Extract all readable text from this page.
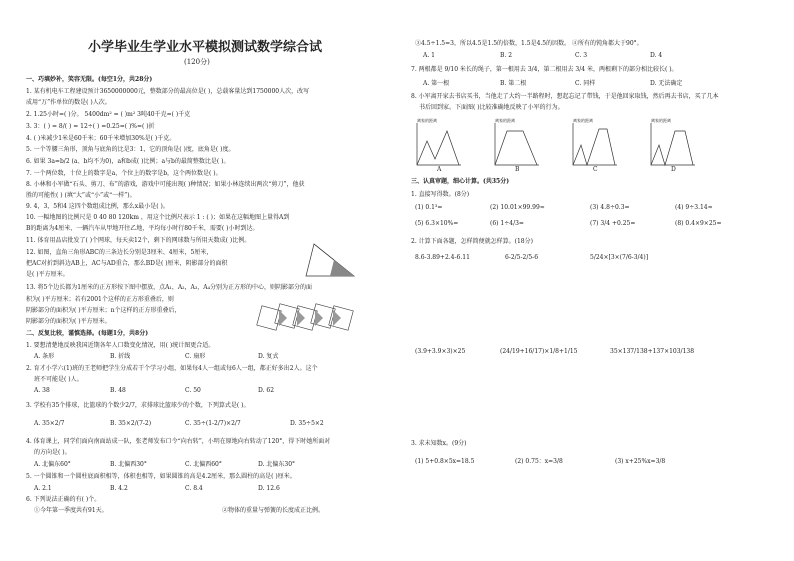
小学毕业生学业水平模拟测试数学综合试
(120分)
一、巧填妙补，笑容无限。(每空1分，共28分)
1. 某有机电车工程建设预计3650000000元，整数部分的最高位是( )，总载客量达到1750000人次，改写
成用“万”作单位的数是( )人次。
2. 1.25小时=( )分。 5400dm² = ( )m² 3吨40千克=( )千克
3. 3：( ) = 8/( ) = 12÷( ) =0.25=( )%=( )折
4. ( )米减少1米是60千米；60千米增加30%是( )千克。
5. 一个等腰三角形，顶角与底角的比是3：1，它的顶角是( )度，底角是( )度。
6. 如果 3a=b/2 (a、b均不为0)，a和b成( )比例；a与b的最简整数比是( )。
7. 一个两位数，十位上的数字是a，个位上的数字是b，这个两位数是( )。
8. 小林和小军做“石头、剪刀、布”的游戏，游戏中可能出现( )种情况；如果小林连续出两次“剪刀”，他获
胜的可能性( ) (填“大”或“小”或“一样”)。
9. 4，3，5和4 这四个数组成比例，那么x最小是( )。
10. 一幅地图的比例尺是 0 40 80 120km ，用这个比例尺表示 1 : ( )；如果在这幅地图上量得A到
B的距离为4厘米，一辆汽车从甲地开往乙地，平均每小时行80千米，需要( )小时到达。
11. 体育用品店批发了( )个网球，每天卖12个，剩下的网球数与所用天数成( )比例。
12. 如图，直角三角形ABC的三条边长分别是3厘米、4厘米，5厘米，
把AC对折到斜边AB上，AC与AD重合，那么BD是( )厘米，阴影部分的面积
是( )平方厘米。
13. 将5个边长都为1厘米的正方形按下图中摆放，点A₁，A₂，A₃，A₄分别为正方形的中心，则阴影部分的面
积为( )平方厘米；若有2001个这样的正方形重叠后，则
阴影部分的面积为( )平方厘米；n个这样的正方形重叠后，
阴影部分的面积为( )平方厘米。
二、反复比较，谨慎选择。(每题1分，共8分)
1. 要想清楚地反映我国近期各年人口数变化情况，用( )统计图更合适。
A. 条形	B. 折线	C. 扇形	D. 复式
2. 育才小学六(1)班的王老师把学生分成若干个学习小组，如果每4人一组或每6人一组，都正好多出2人。这个
班不可能是( )人。
A. 38	B. 48	C. 50	D. 62
3. 学校有35个排球，比篮球的个数少2/7，求排球比篮球少的个数，下列算式是( )。
A. 35×2/7	B. 35×2/(7-2)	C. 35÷(1-2/7)×2/7	D. 35÷5×2
4. 体育课上，同学们面向南面站成一队，张老师发布口令“向右转”，小明在原地向右转动了120°，得下时她所面对
的方向是( )。
A. 北偏东60°	B. 北偏西30°	C. 北偏西60°	D. 北偏东30°
5. 一个圆锥和一个圆柱底面积相等，体积也相等，如果圆锥的高是4.2厘米，那么圆柱的高是( )厘米。
A. 2.1	B. 4.2	C. 8.4	D. 12.6
6. 下列说法正确的有( )个。
①今年第一季度共有91天。	②物体的重量与弹簧的长度成正比例。
③4.5÷1.5=3，所以4.5是1.5的倍数，1.5是4.5的因数。 ④所有的钝角都大于90°。
A. 1	B. 2	C. 3	D. 4
7. 两根都是 9/10 米长的绳子，第一根用去 3/4，第二根用去 3/4 米，两根剩下的部分相比较长( )。
A. 第一根	B. 第二根	C. 同样	D. 无法确定
8. 小军离开家去书店买书，当他走了大约一半路程时，想起忘记了带钱，于是他回家取钱，然后再去书店，买了几本
书后回到家。下面图( )比较准确地反映了小军的行为。
离家的距离
A
离家的距离
B
离家的距离
C
离家的距离
D
三、认真审题，细心计算。(共35分)
1. 直接写得数。(8分)
(1) 0.1³=	(2) 10.01×99.99≈	(3) 4.8÷0.3=	(4) 9÷3.14≈
(5) 6.3×10%=	(6) 1÷4/3=	(7) 3/4 +0.25=	(8) 0.4×9×25=
2. 计算下面各题，怎样简便就怎样算。(18分)
8.6-3.89+2.4-6.11	6-2/5-2/5-6	5/24×[3×(7/6-3/4)]
(3.9+3.9×3)×25	(24/19+16/17)×1/8+1/15	35×137/138+137×103/138
3. 求未知数x。(9分)
(1) 5+0.8×5x=18.5	(2) 0.75：x=3/8	(3) x+25%x=3/8
